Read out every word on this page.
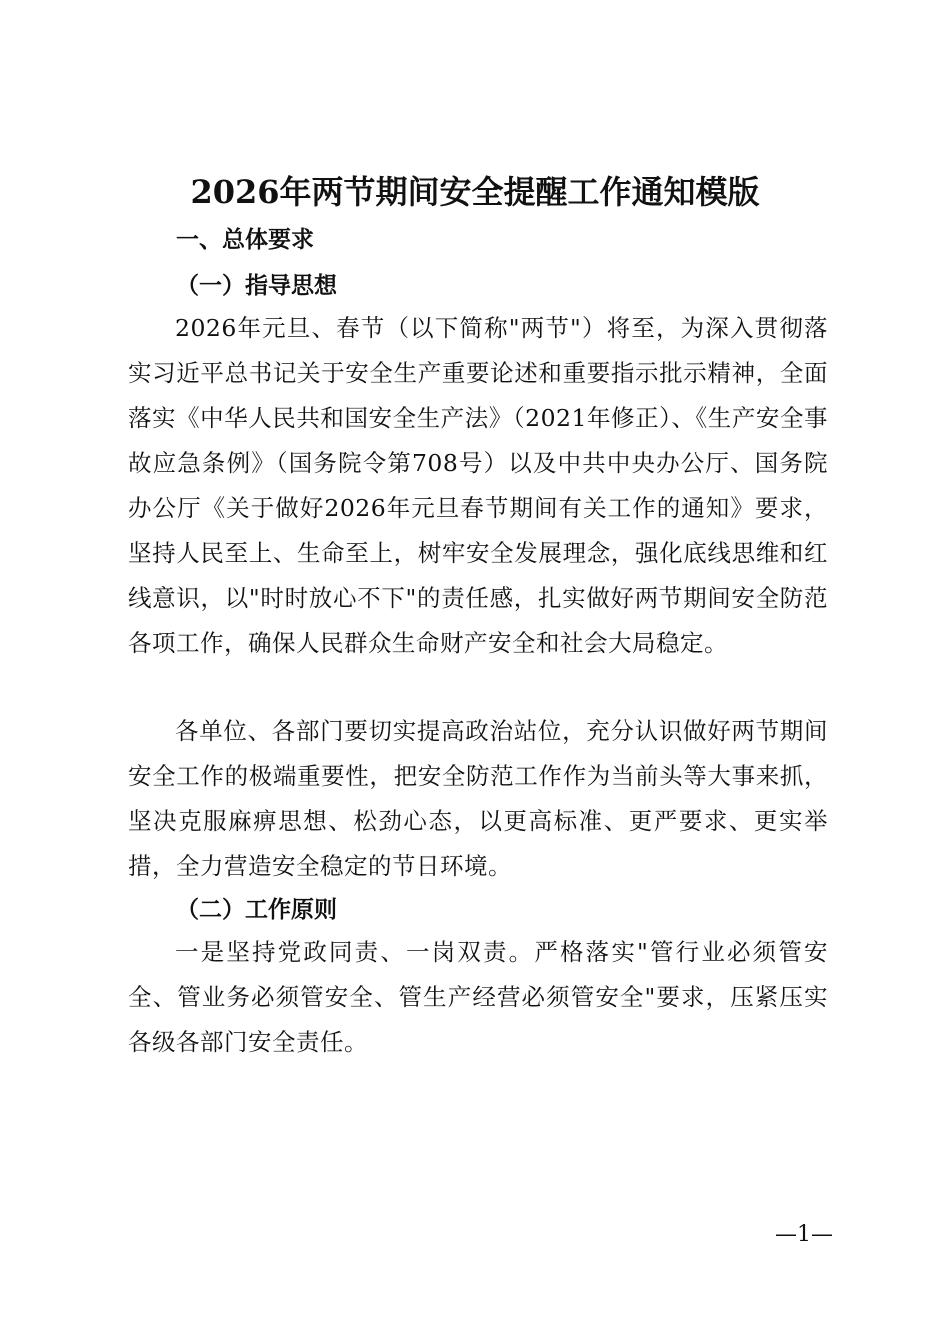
2026年两节期间安全提醒工作通知模版
一、总体要求
（一）指导思想

2026年元旦、春节（以下简称"两节"）将至，为深入贯彻落实习近平总书记关于安全生产重要论述和重要指示批示精神，全面落实《中华人民共和国安全生产法》（2021年修正）、《生产安全事故应急条例》（国务院令第708号）以及中共中央办公厅、国务院办公厅《关于做好2026年元旦春节期间有关工作的通知》要求，坚持人民至上、生命至上，树牢安全发展理念，强化底线思维和红线意识，以"时时放心不下"的责任感，扎实做好两节期间安全防范各项工作，确保人民群众生命财产安全和社会大局稳定。

各单位、各部门要切实提高政治站位，充分认识做好两节期间安全工作的极端重要性，把安全防范工作作为当前头等大事来抓，坚决克服麻痹思想、松劲心态，以更高标准、更严要求、更实举措，全力营造安全稳定的节日环境。

（二）工作原则

一是坚持党政同责、一岗双责。严格落实"管行业必须管安全、管业务必须管安全、管生产经营必须管安全"要求，压紧压实各级各部门安全责任。

—1—
